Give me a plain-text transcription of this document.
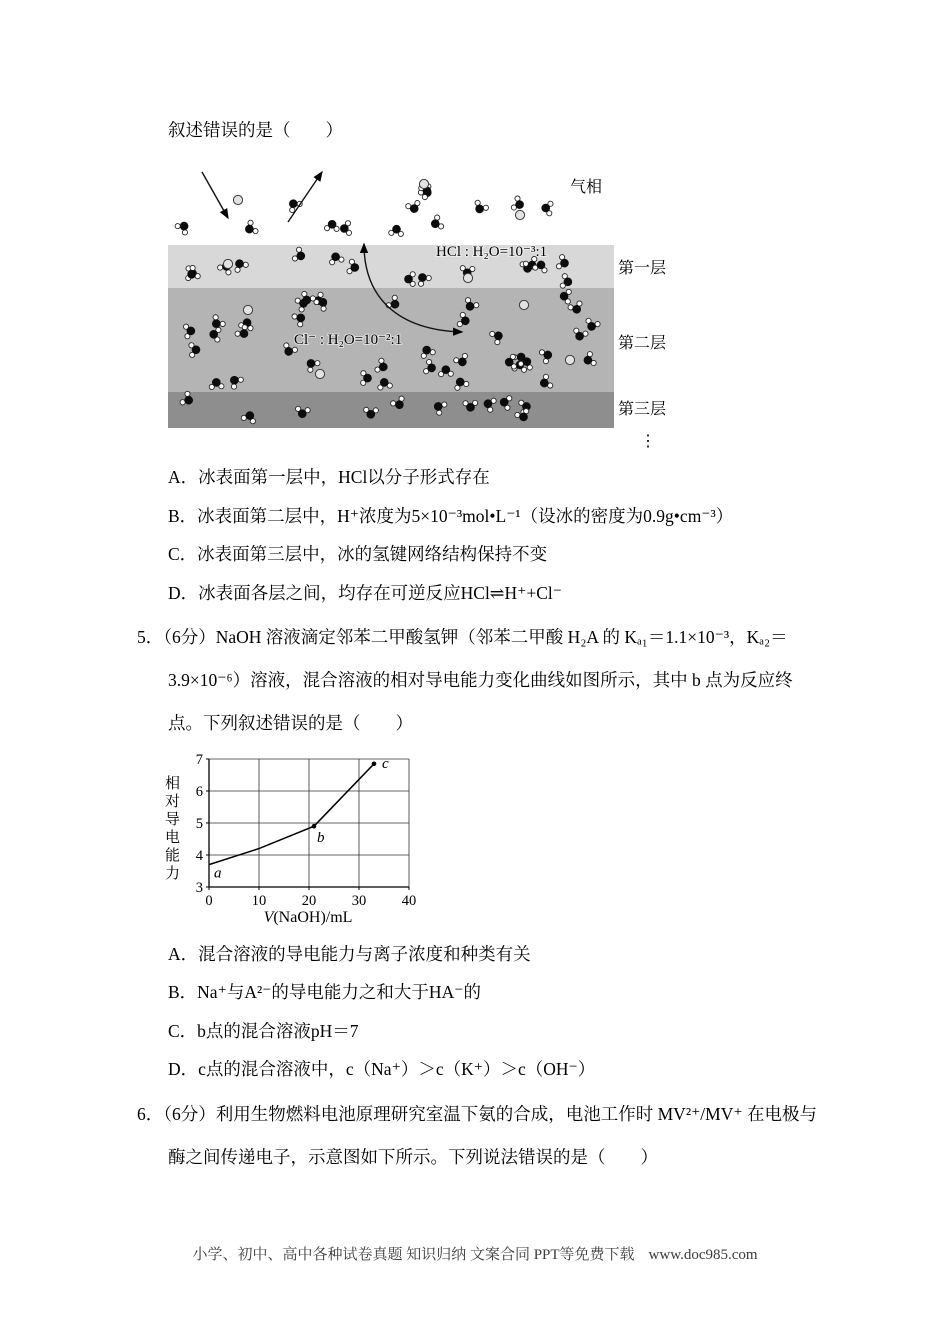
叙述错误的是（　　）

HCl : H₂O=10⁻³:1
Cl⁻ : H₂O=10⁻²:1
气相
第一层
第二层
第三层
⋮

A．冰表面第一层中，HCl以分子形式存在

B．冰表面第二层中，H⁺浓度为5×10⁻³mol•L⁻¹（设冰的密度为0.9g•cm⁻³）

C．冰表面第三层中，冰的氢键网络结构保持不变

D．冰表面各层之间，均存在可逆反应HCl⇌H⁺+Cl⁻

5．（6分）NaOH 溶液滴定邻苯二甲酸氢钾（邻苯二甲酸 H₂A 的 Kₐ₁＝1.1×10⁻³，Kₐ₂＝3.9×10⁻⁶）溶液，混合溶液的相对导电能力变化曲线如图所示，其中 b 点为反应终点。下列叙述错误的是（　　）

相对导电能力
0	10 20 30 40
3
4
5
6
7
a
b
c
V(NaOH)/mL

A．混合溶液的导电能力与离子浓度和种类有关

B．Na⁺与A²⁻的导电能力之和大于HA⁻的

C．b点的混合溶液pH＝7

D．c点的混合溶液中，c（Na⁺）＞c（K⁺）＞c（OH⁻）

6．（6分）利用生物燃料电池原理研究室温下氨的合成，电池工作时 MV²⁺/MV⁺ 在电极与酶之间传递电子，示意图如下所示。下列说法错误的是（　　）

小学、初中、高中各种试卷真题 知识归纳 文案合同 PPT等免费下载 www.doc985.com
